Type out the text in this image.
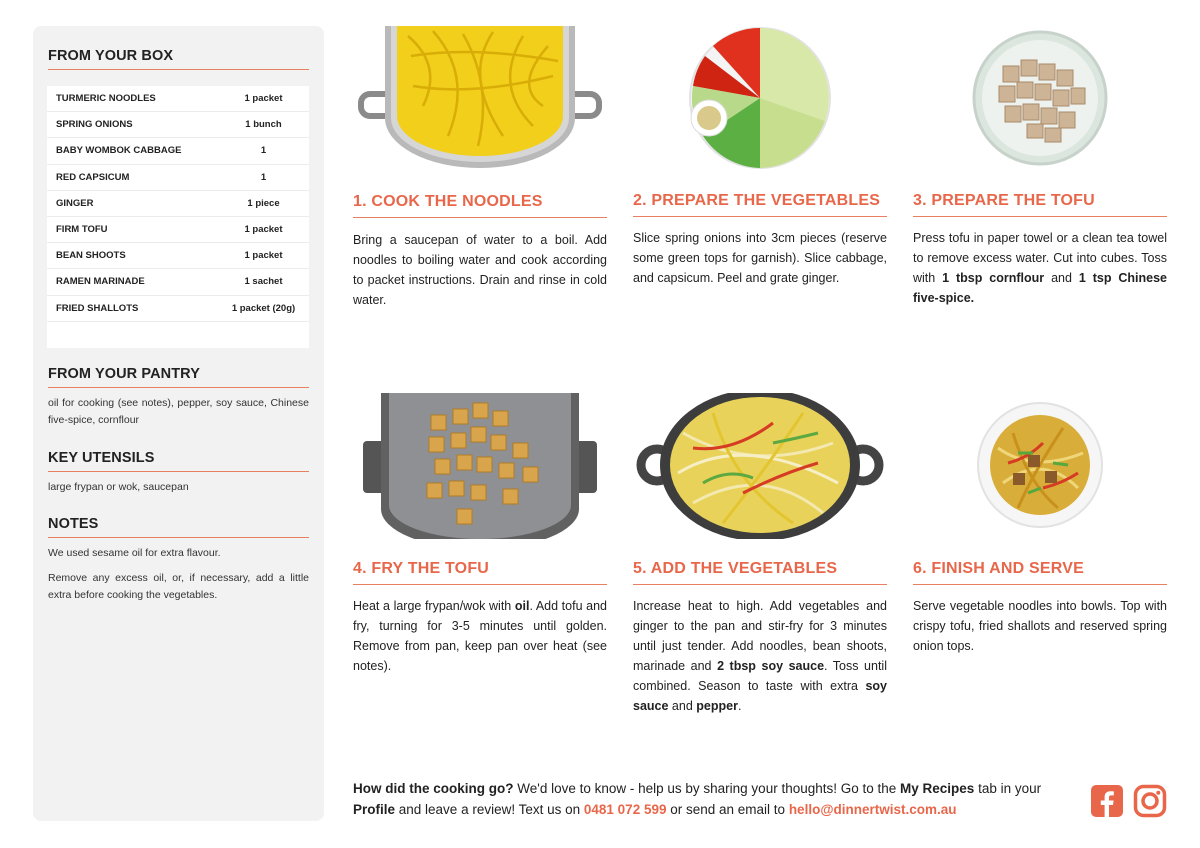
FROM YOUR BOX
TURMERIC NOODLES	1 packet
SPRING ONIONS	1 bunch
BABY WOMBOK CABBAGE	1
RED CAPSICUM	1
GINGER	1 piece
FIRM TOFU	1 packet
BEAN SHOOTS	1 packet
RAMEN MARINADE	1 sachet
FRIED SHALLOTS	1 packet (20g)
FROM YOUR PANTRY
oil for cooking (see notes), pepper, soy sauce, Chinese five-spice, cornflour
KEY UTENSILS
large frypan or wok, saucepan
NOTES
We used sesame oil for extra flavour.
Remove any excess oil, or, if necessary, add a little extra before cooking the vegetables.
1. COOK THE NOODLES
Bring a saucepan of water to a boil. Add noodles to boiling water and cook according to packet instructions. Drain and rinse in cold water.
2. PREPARE THE VEGETABLES
Slice spring onions into 3cm pieces (reserve some green tops for garnish). Slice cabbage, and capsicum. Peel and grate ginger.
3. PREPARE THE TOFU
Press tofu in paper towel or a clean tea towel to remove excess water. Cut into cubes. Toss with 1 tbsp cornflour and 1 tsp Chinese five-spice.
4. FRY THE TOFU
Heat a large frypan/wok with oil. Add tofu and fry, turning for 3-5 minutes until golden. Remove from pan, keep pan over heat (see notes).
5. ADD THE VEGETABLES
Increase heat to high. Add vegetables and ginger to the pan and stir-fry for 3 minutes until just tender. Add noodles, bean shoots, marinade and 2 tbsp soy sauce. Toss until combined. Season to taste with extra soy sauce and pepper.
6. FINISH AND SERVE
Serve vegetable noodles into bowls. Top with crispy tofu, fried shallots and reserved spring onion tops.
How did the cooking go? We'd love to know - help us by sharing your thoughts! Go to the My Recipes tab in your Profile and leave a review! Text us on 0481 072 599 or send an email to hello@dinnertwist.com.au
